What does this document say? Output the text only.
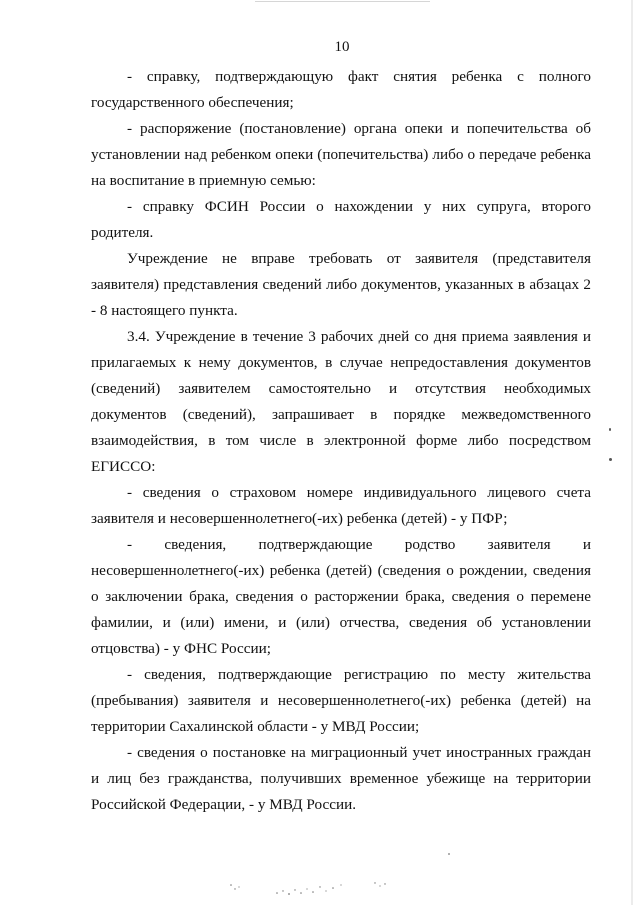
10

- справку, подтверждающую факт снятия ребенка с полного государственного обеспечения;

- распоряжение (постановление) органа опеки и попечительства об установлении над ребенком опеки (попечительства) либо о передаче ребенка на воспитание в приемную семью:

- справку ФСИН России о нахождении у них супруга, второго родителя.

Учреждение не вправе требовать от заявителя (представителя заявителя) представления сведений либо документов, указанных в абзацах 2 - 8 настоящего пункта.

3.4. Учреждение в течение 3 рабочих дней со дня приема заявления и прилагаемых к нему документов, в случае непредоставления документов (сведений) заявителем самостоятельно и отсутствия необходимых документов (сведений), запрашивает в порядке межведомственного взаимодействия, в том числе в электронной форме либо посредством ЕГИССО:

- сведения о страховом номере индивидуального лицевого счета заявителя и несовершеннолетнего(-их) ребенка (детей) - у ПФР;

- сведения, подтверждающие родство заявителя и несовершеннолетнего(-их) ребенка (детей) (сведения о рождении, сведения о заключении брака, сведения о расторжении брака, сведения о перемене фамилии, и (или) имени, и (или) отчества, сведения об установлении отцовства) - у ФНС России;

- сведения, подтверждающие регистрацию по месту жительства (пребывания) заявителя и несовершеннолетнего(-их) ребенка (детей) на территории Сахалинской области - у МВД России;

- сведения о постановке на миграционный учет иностранных граждан и лиц без гражданства, получивших временное убежище на территории Российской Федерации, - у МВД России.
